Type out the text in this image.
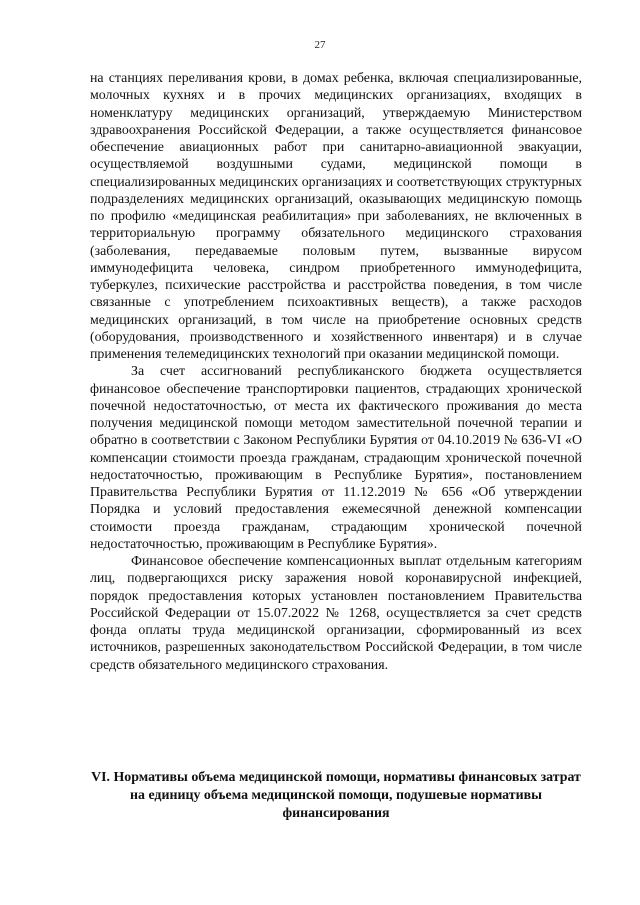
27

на станциях переливания крови, в домах ребенка, включая специализированные, молочных кухнях и в прочих медицинских организациях, входящих в номенклатуру медицинских организаций, утверждаемую Министерством здравоохранения Российской Федерации, а также осуществляется финансовое обеспечение авиационных работ при санитарно-авиационной эвакуации, осуществляемой воздушными судами, медицинской помощи в специализированных медицинских организациях и соответствующих структурных подразделениях медицинских организаций, оказывающих медицинскую помощь по профилю «медицинская реабилитация» при заболеваниях, не включенных в территориальную программу обязательного медицинского страхования (заболевания, передаваемые половым путем, вызванные вирусом иммунодефицита человека, синдром приобретенного иммунодефицита, туберкулез, психические расстройства и расстройства поведения, в том числе связанные с употреблением психоактивных веществ), а также расходов медицинских организаций, в том числе на приобретение основных средств (оборудования, производственного и хозяйственного инвентаря) и в случае применения телемедицинских технологий при оказании медицинской помощи.

За счет ассигнований республиканского бюджета осуществляется финансовое обеспечение транспортировки пациентов, страдающих хронической почечной недостаточностью, от места их фактического проживания до места получения медицинской помощи методом заместительной почечной терапии и обратно в соответствии с Законом Республики Бурятия от 04.10.2019 № 636-VI «О компенсации стоимости проезда гражданам, страдающим хронической почечной недостаточностью, проживающим в Республике Бурятия», постановлением Правительства Республики Бурятия от 11.12.2019 № 656 «Об утверждении Порядка и условий предоставления ежемесячной денежной компенсации стоимости проезда гражданам, страдающим хронической почечной недостаточностью, проживающим в Республике Бурятия».

Финансовое обеспечение компенсационных выплат отдельным категориям лиц, подвергающихся риску заражения новой коронавирусной инфекцией, порядок предоставления которых установлен постановлением Правительства Российской Федерации от 15.07.2022 № 1268, осуществляется за счет средств фонда оплаты труда медицинской организации, сформированный из всех источников, разрешенных законодательством Российской Федерации, в том числе средств обязательного медицинского страхования.

VI. Нормативы объема медицинской помощи, нормативы финансовых затрат на единицу объема медицинской помощи, подушевые нормативы финансирования
